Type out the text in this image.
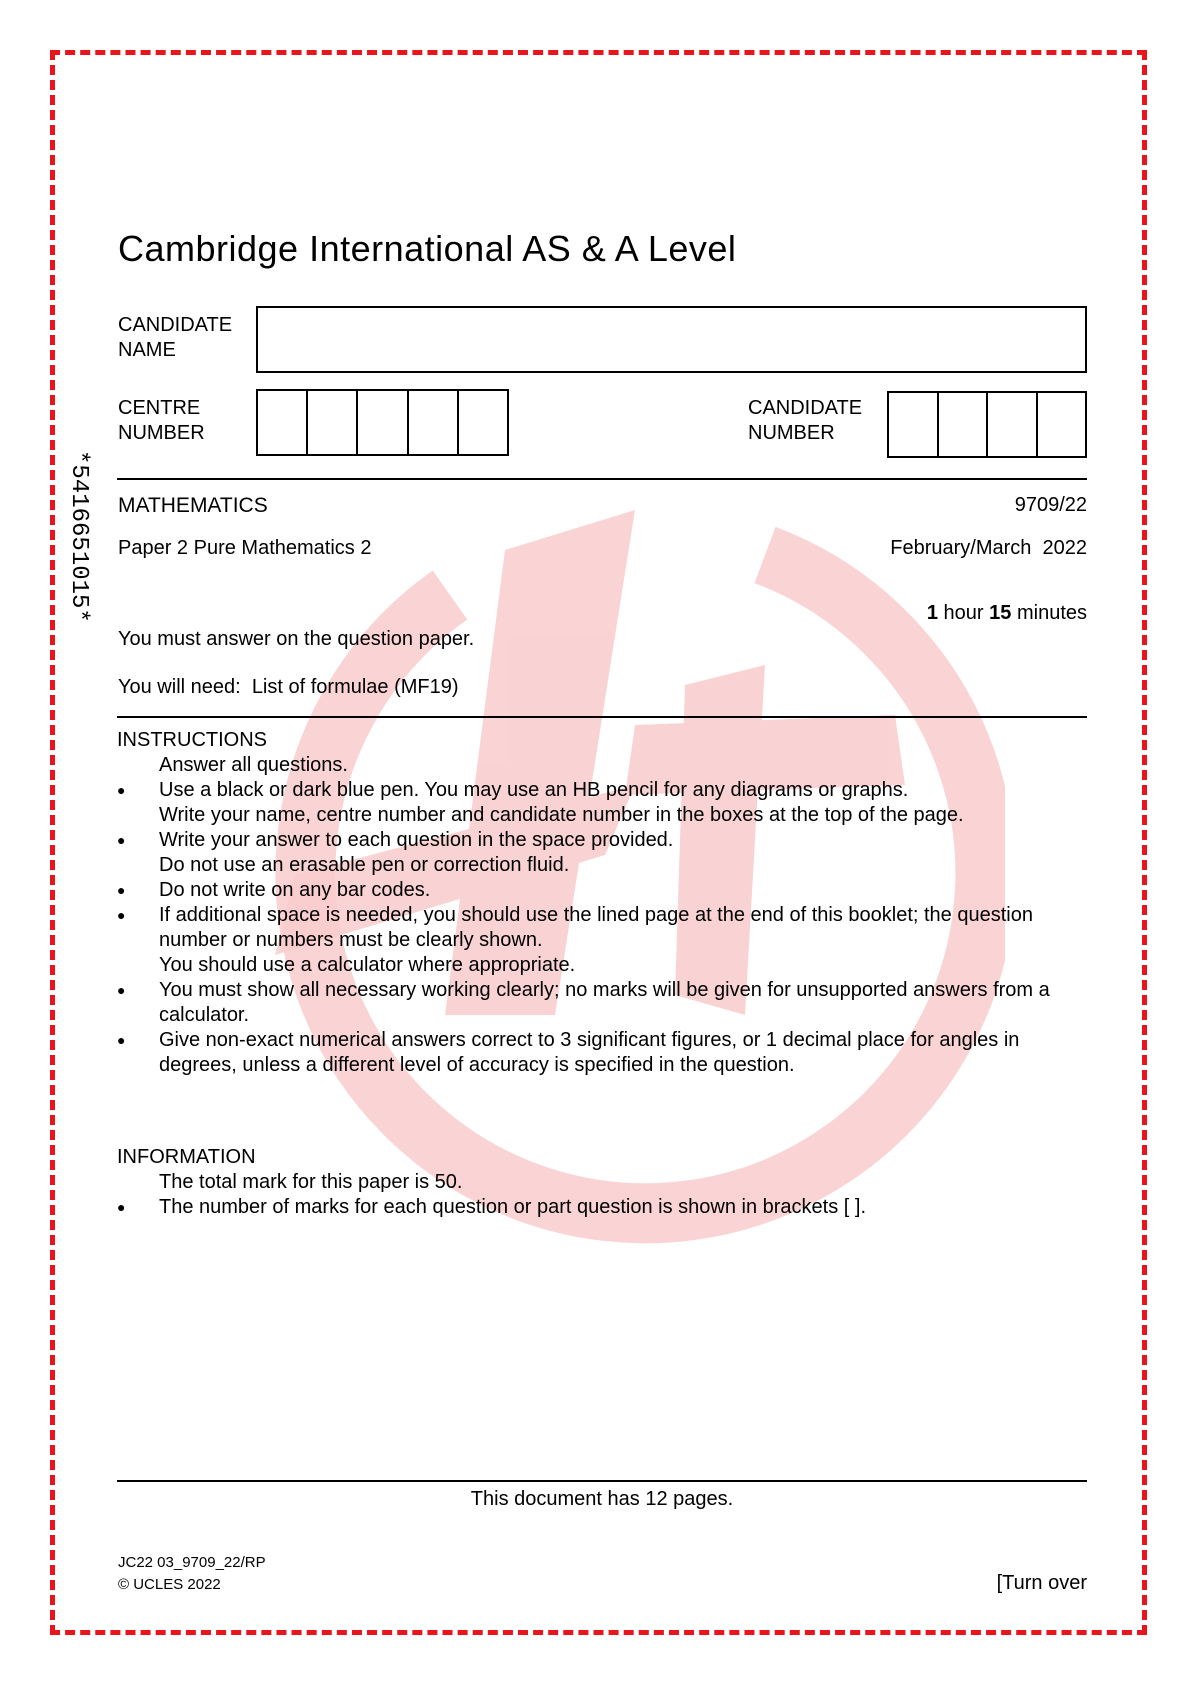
*5416651015*
Cambridge International AS & A Level
CANDIDATE
NAME
CENTRE
NUMBER
CANDIDATE
NUMBER
MATHEMATICS	9709/22
Paper 2 Pure Mathematics 2	February/March  2022

1 hour 15 minutes

You must answer on the question paper.
You will need: List of formulae (MF19)
INSTRUCTIONS
Answer all questions.
● Use a black or dark blue pen. You may use an HB pencil for any diagrams or graphs.
Write your name, centre number and candidate number in the boxes at the top of the page.
● Write your answer to each question in the space provided.
Do not use an erasable pen or correction fluid.
● Do not write on any bar codes.
● If additional space is needed, you should use the lined page at the end of this booklet; the question number or numbers must be clearly shown.
You should use a calculator where appropriate.
● You must show all necessary working clearly; no marks will be given for unsupported answers from a calculator.
● Give non-exact numerical answers correct to 3 significant figures, or 1 decimal place for angles in degrees, unless a different level of accuracy is specified in the question.
INFORMATION
The total mark for this paper is 50.
● The number of marks for each question or part question is shown in brackets [ ].
This document has 12 pages.
JC22 03_9709_22/RP
© UCLES 2022	[Turn over
